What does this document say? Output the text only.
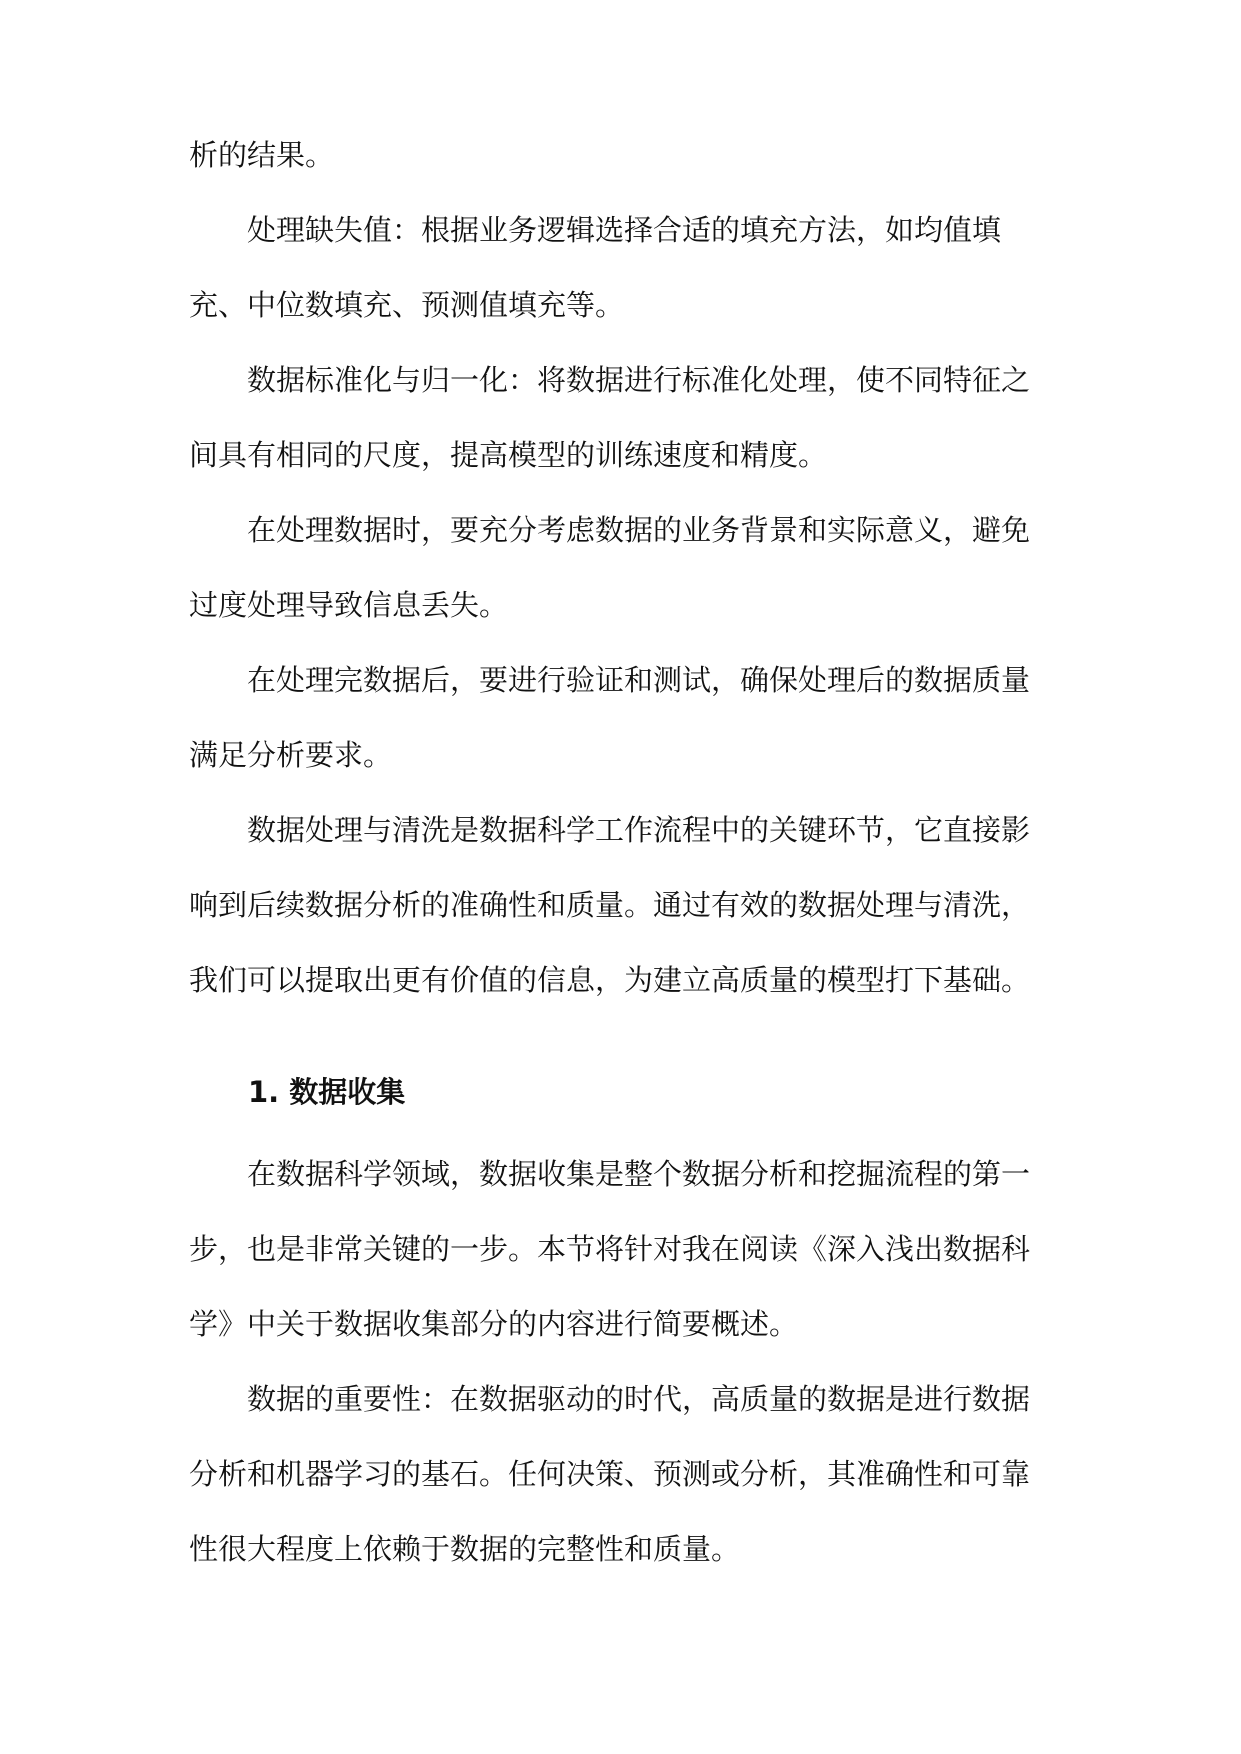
析的结果。
处理缺失值：根据业务逻辑选择合适的填充方法，如均值填充、中位数填充、预测值填充等。
数据标准化与归一化：将数据进行标准化处理，使不同特征之间具有相同的尺度，提高模型的训练速度和精度。
在处理数据时，要充分考虑数据的业务背景和实际意义，避免过度处理导致信息丢失。
在处理完数据后，要进行验证和测试，确保处理后的数据质量满足分析要求。
数据处理与清洗是数据科学工作流程中的关键环节，它直接影响到后续数据分析的准确性和质量。通过有效的数据处理与清洗，我们可以提取出更有价值的信息，为建立高质量的模型打下基础。
1. 数据收集
在数据科学领域，数据收集是整个数据分析和挖掘流程的第一步，也是非常关键的一步。本节将针对我在阅读《深入浅出数据科学》中关于数据收集部分的内容进行简要概述。
数据的重要性：在数据驱动的时代，高质量的数据是进行数据分析和机器学习的基石。任何决策、预测或分析，其准确性和可靠性很大程度上依赖于数据的完整性和质量。
